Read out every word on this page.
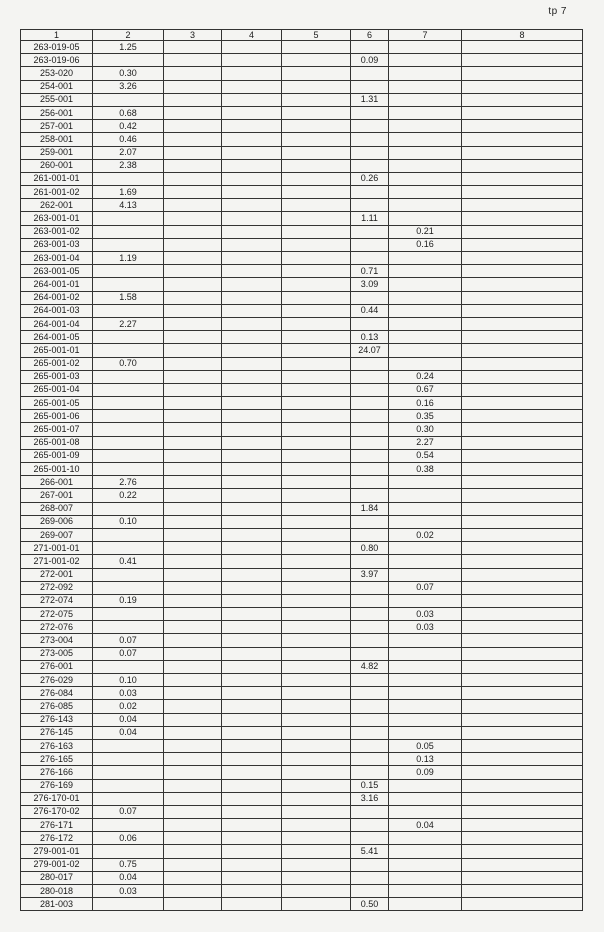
tp 7
1	2	3	4	5	6	7	8
263-019-05	1.25						
263-019-06					0.09		
253-020	0.30						
254-001	3.26						
255-001					1.31		
256-001	0.68						
257-001	0.42						
258-001	0.46						
259-001	2.07						
260-001	2.38						
261-001-01					0.26		
261-001-02	1.69						
262-001	4.13						
263-001-01					1.11		
263-001-02						0.21	
263-001-03						0.16	
263-001-04	1.19						
263-001-05					0.71		
264-001-01					3.09		
264-001-02	1.58						
264-001-03					0.44		
264-001-04	2.27						
264-001-05					0.13		
265-001-01					24.07		
265-001-02	0.70						
265-001-03						0.24	
265-001-04						0.67	
265-001-05						0.16	
265-001-06						0.35	
265-001-07						0.30	
265-001-08						2.27	
265-001-09						0.54	
265-001-10						0.38	
266-001	2.76						
267-001	0.22						
268-007					1.84		
269-006	0.10						
269-007						0.02	
271-001-01					0.80		
271-001-02	0.41						
272-001					3.97		
272-092						0.07	
272-074	0.19						
272-075						0.03	
272-076						0.03	
273-004	0.07						
273-005	0.07						
276-001					4.82		
276-029	0.10						
276-084	0.03						
276-085	0.02						
276-143	0.04						
276-145	0.04						
276-163						0.05	
276-165						0.13	
276-166						0.09	
276-169					0.15		
276-170-01					3.16		
276-170-02	0.07						
276-171						0.04	
276-172	0.06						
279-001-01					5.41		
279-001-02	0.75						
280-017	0.04						
280-018	0.03						
281-003					0.50		
